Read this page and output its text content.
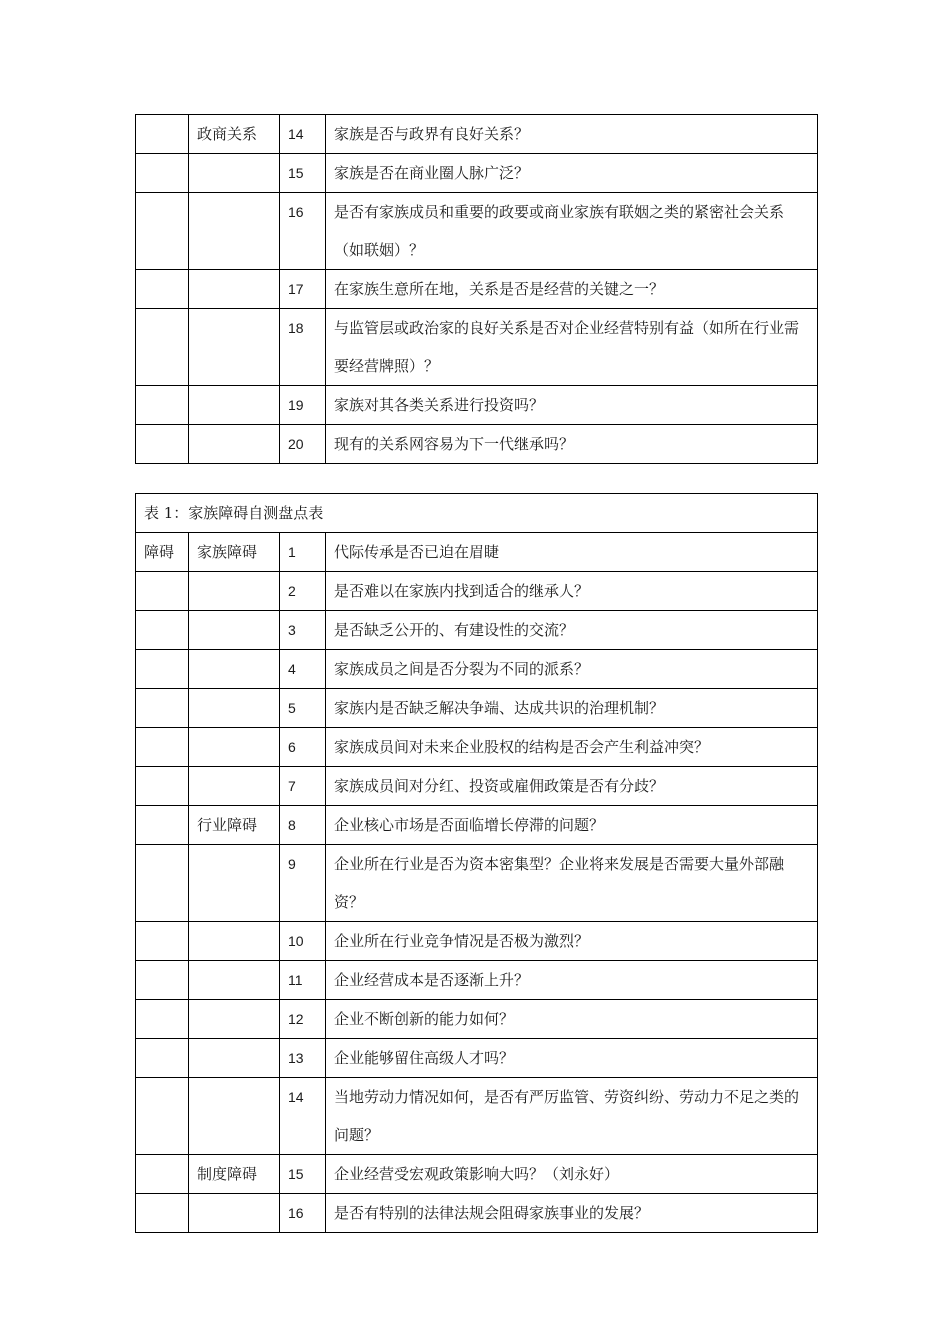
	政商关系	14	家族是否与政界有良好关系？
		15	家族是否在商业圈人脉广泛？
		16	是否有家族成员和重要的政要或商业家族有联姻之类的紧密社会关系（如联姻）？
		17	在家族生意所在地，关系是否是经营的关键之一？
		18	与监管层或政治家的良好关系是否对企业经营特别有益（如所在行业需要经营牌照）？
		19	家族对其各类关系进行投资吗？
		20	现有的关系网容易为下一代继承吗？
表 1：家族障碍自测盘点表			
障碍	家族障碍	1	代际传承是否已迫在眉睫
		2	是否难以在家族内找到适合的继承人？
		3	是否缺乏公开的、有建设性的交流？
		4	家族成员之间是否分裂为不同的派系？
		5	家族内是否缺乏解决争端、达成共识的治理机制？
		6	家族成员间对未来企业股权的结构是否会产生利益冲突？
		7	家族成员间对分红、投资或雇佣政策是否有分歧？
	行业障碍	8	企业核心市场是否面临增长停滞的问题？
		9	企业所在行业是否为资本密集型？企业将来发展是否需要大量外部融资？
		10	企业所在行业竞争情况是否极为激烈？
		11	企业经营成本是否逐渐上升？
		12	企业不断创新的能力如何？
		13	企业能够留住高级人才吗？
		14	当地劳动力情况如何，是否有严厉监管、劳资纠纷、劳动力不足之类的问题？
	制度障碍	15	企业经营受宏观政策影响大吗？（刘永好）
		16	是否有特别的法律法规会阻碍家族事业的发展？
